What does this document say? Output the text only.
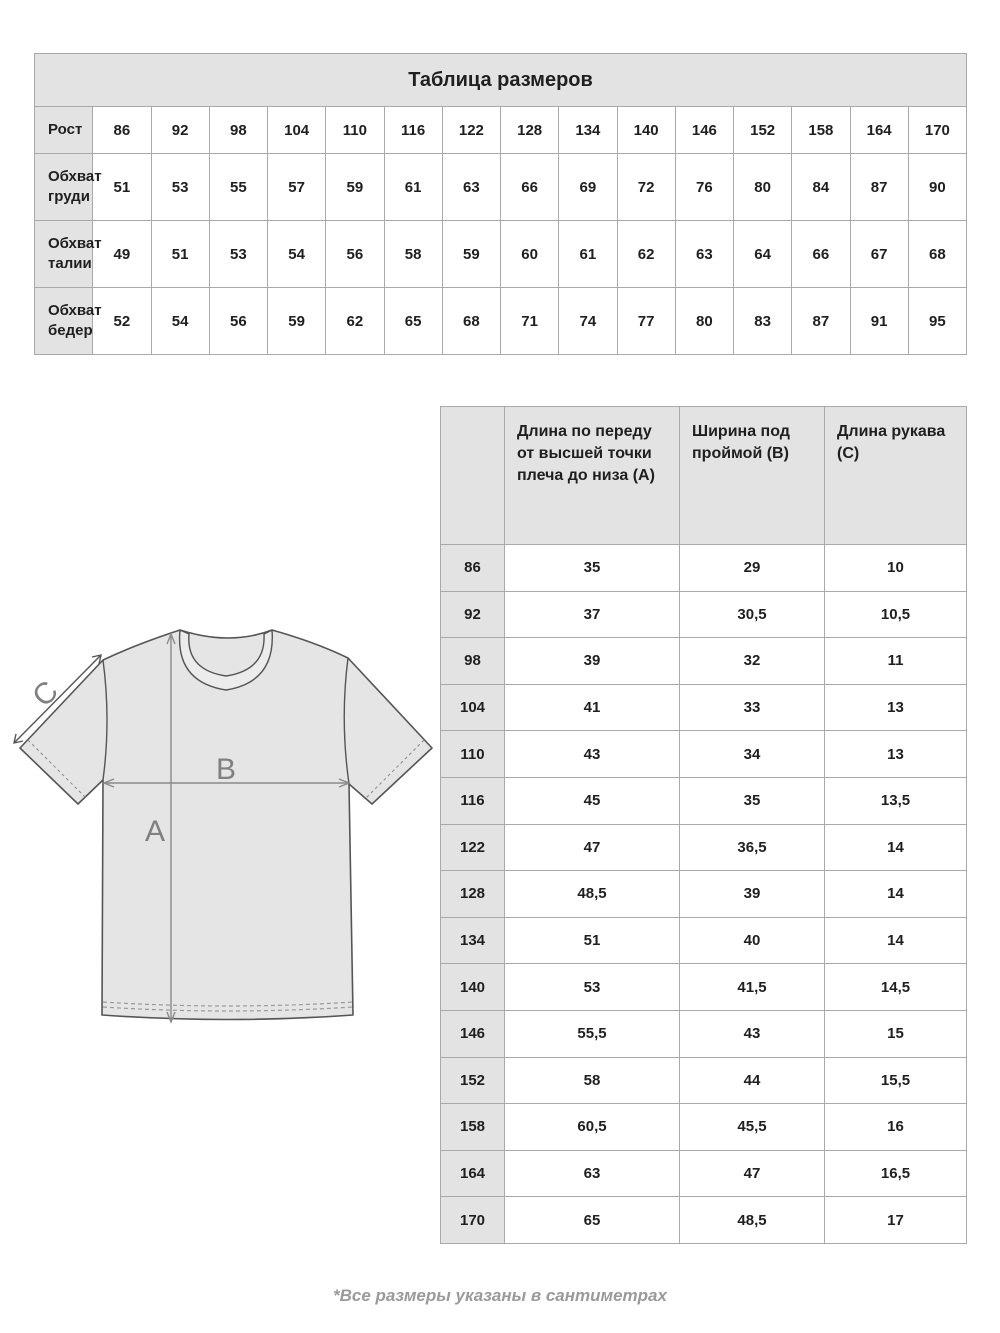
Таблица размеров															
Рост	86	92	98	104	110	116	122	128	134	140	146	152	158	164	170
Обхват груди	51	53	55	57	59	61	63	66	69	72	76	80	84	87	90
Обхват талии	49	51	53	54	56	58	59	60	61	62	63	64	66	67	68
Обхват бедер	52	54	56	59	62	65	68	71	74	77	80	83	87	91	95
	Длина по переду от высшей точки плеча до низа (А)	Ширина под проймой (В)	Длина рукава (С)
86	35	29	10
92	37	30,5	10,5
98	39	32	11
104	41	33	13
110	43	34	13
116	45	35	13,5
122	47	36,5	14
128	48,5	39	14
134	51	40	14
140	53	41,5	14,5
146	55,5	43	15
152	58	44	15,5
158	60,5	45,5	16
164	63	47	16,5
170	65	48,5	17
A
B
C
*Все размеры указаны в сантиметрах
